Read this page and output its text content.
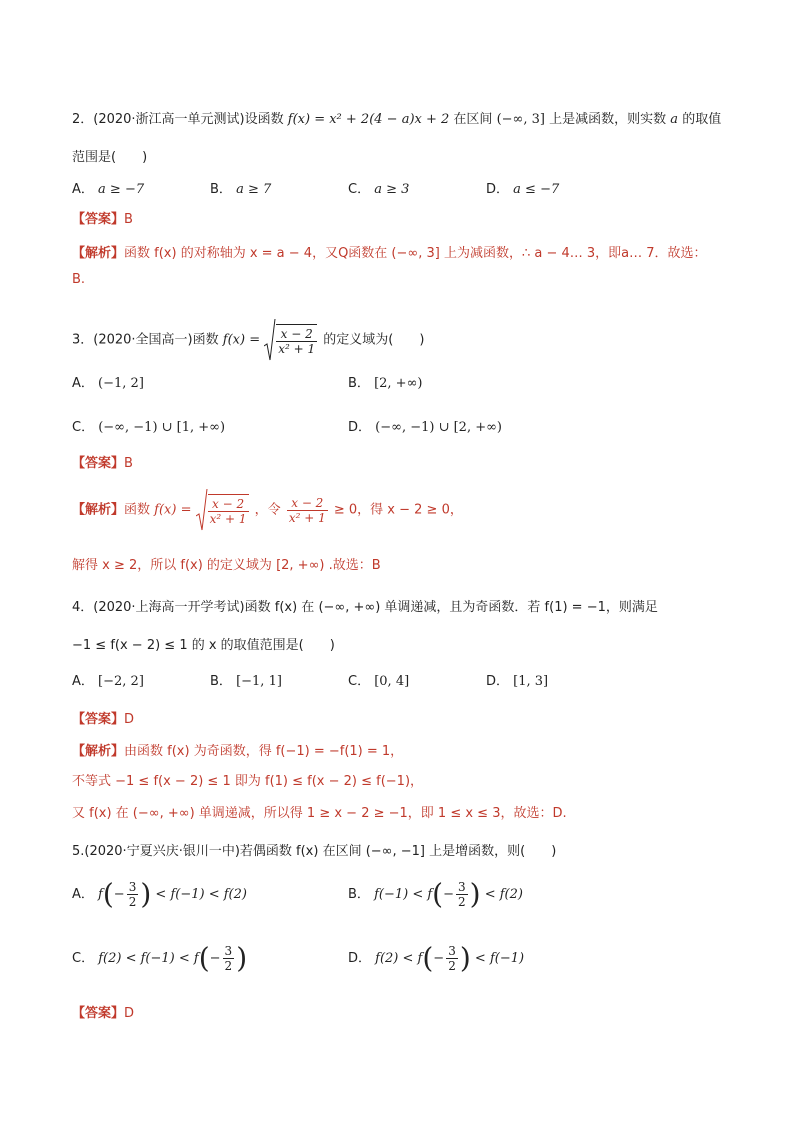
2．(2020·浙江高一单元测试)设函数 f(x) = x² + 2(4 − a)x + 2 在区间 (−∞, 3] 上是减函数，则实数 a 的取值
范围是(　　)
A． a ≥ −7	B． a ≥ 7	C． a ≥ 3	D． a ≤ −7
【答案】B
【解析】函数 f(x) 的对称轴为 x = a − 4，又Q函数在 (−∞, 3] 上为减函数，∴ a − 4… 3，即a… 7．故选：
B.
3．(2020·全国高一)函数 $f(x) = \frac{x - 2}{\text{x² + 1}}$ 的定义域为(　　)
A． (−1, 2]	B． [2, +∞)
C． (−∞, −1) ∪ [1, +∞)	D． (−∞, −1) ∪ [2, +∞)
【答案】B
【解析】函数 $f(x) = \frac{x - 2}{\text{x² + 1}}$ ，令 $\frac{x - 2}{\text{x² + 1}} \ge 0$，得 x − 2 ≥ 0，
解得 x ≥ 2，所以 f(x) 的定义域为 [2, +∞) .故选：B
4．(2020·上海高一开学考试)函数 f(x) 在 (−∞, +∞) 单调递减，且为奇函数．若 f(1) = −1，则满足
−1 ≤ f(x − 2) ≤ 1 的 x 的取值范围是(　　)
A． [−2, 2]	B． [−1, 1]	C． [0, 4]	D． [1, 3]
【答案】D
【解析】由函数 f(x) 为奇函数，得 f(−1) = −f(1) = 1，
不等式 −1 ≤ f(x − 2) ≤ 1 即为 f(1) ≤ f(x − 2) ≤ f(−1)，
又 f(x) 在 (−∞, +∞) 单调递减，所以得 1 ≥ x − 2 ≥ −1，即 1 ≤ x ≤ 3，故选：D.
5.(2020·宁夏兴庆·银川一中)若偶函数 f(x) 在区间 (−∞, −1] 上是增函数，则(　　)
A． $f(- \frac{3}{2}$ ) < f(−1) < f(2)	B． $f(-1) < f(- \frac{3}{2}$ ) < f(2)
C． $f(2) < f(-1) < f(- \frac{3}{2}$ )	D． $f(2) < f(- \frac{3}{2}$ ) < f(−1)
【答案】D
